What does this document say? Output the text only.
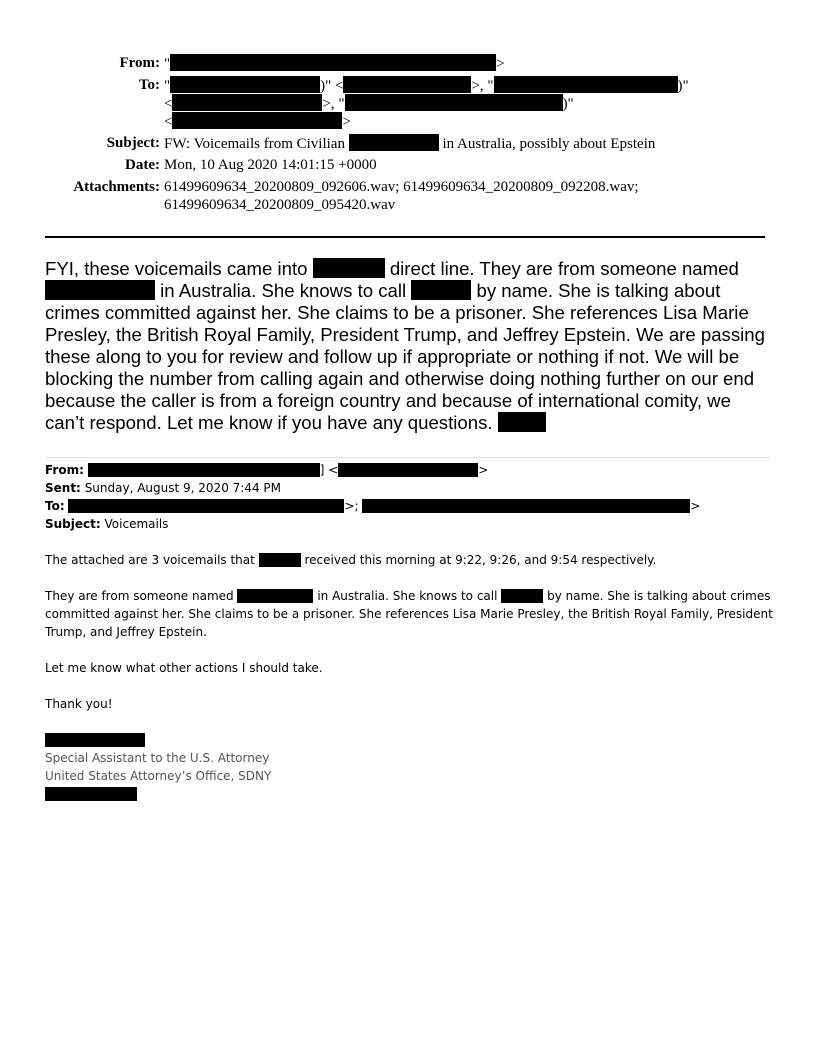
From: "	>
To: "	)" <	>, "	)"
<	>, "	)"
<	>
Subject: FW: Voicemails from Civilian	in Australia, possibly about Epstein
Date: Mon, 10 Aug 2020 14:01:15 +0000
Attachments: 61499609634_20200809_092606.wav; 61499609634_20200809_092208.wav;
61499609634_20200809_095420.wav
FYI, these voicemails came into	direct line. They are from someone named
in Australia. She knows to call	by name. She is talking about
crimes committed against her. She claims to be a prisoner. She references Lisa Marie
Presley, the British Royal Family, President Trump, and Jeffrey Epstein. We are passing
these along to you for review and follow up if appropriate or nothing if not. We will be
blocking the number from calling again and otherwise doing nothing further on our end
because the caller is from a foreign country and because of international comity, we
can’t respond. Let me know if you have any questions.
From:	] <	>
Sent: Sunday, August 9, 2020 7:44 PM
To:	>;	>
Subject: Voicemails
The attached are 3 voicemails that	received this morning at 9:22, 9:26, and 9:54 respectively.
They are from someone named	in Australia. She knows to call	by name. She is talking about crimes
committed against her. She claims to be a prisoner. She references Lisa Marie Presley, the British Royal Family, President
Trump, and Jeffrey Epstein.
Let me know what other actions I should take.
Thank you!
Special Assistant to the U.S. Attorney
United States Attorney’s Office, SDNY
